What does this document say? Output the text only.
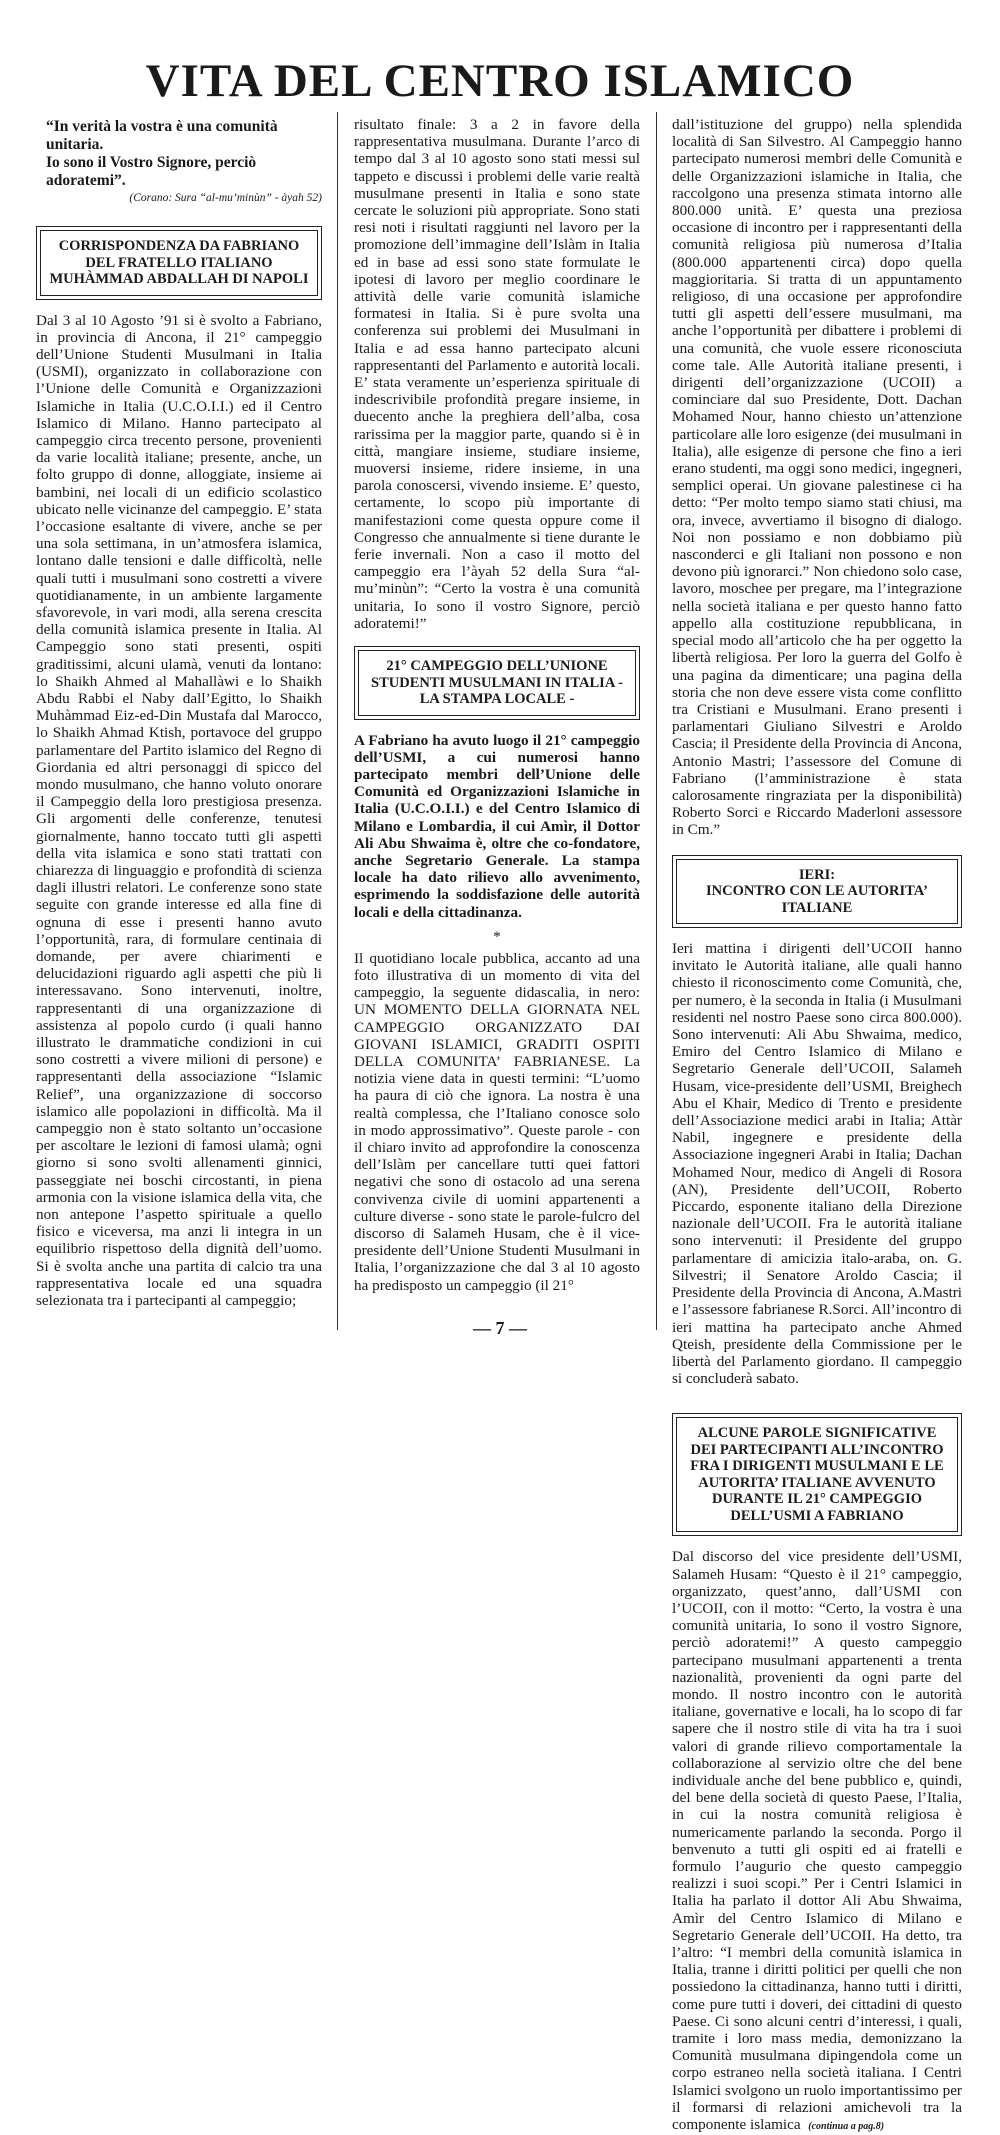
VITA DEL CENTRO ISLAMICO
“In verità la vostra è una comunità unitaria.
Io sono il Vostro Signore, perciò adoratemi”.
(Corano: Sura “al-mu’minùn” - àyah 52)
CORRISPONDENZA DA FABRIANO DEL FRATELLO ITALIANO MUHÀMMAD ABDALLAH DI NAPOLI

Dal 3 al 10 Agosto ’91 si è svolto a Fabriano, in provincia di Ancona, il 21° campeggio dell’Unione Studenti Musulmani in Italia (USMI), organizzato in collaborazione con l’Unione delle Comunità e Organizzazioni Islamiche in Italia (U.C.O.I.I.) ed il Centro Islamico di Milano. Hanno partecipato al campeggio circa trecento persone, provenienti da varie località italiane; presente, anche, un folto gruppo di donne, alloggiate, insieme ai bambini, nei locali di un edificio scolastico ubicato nelle vicinanze del campeggio. E’ stata l’occasione esaltante di vivere, anche se per una sola settimana, in un’atmosfera islamica, lontano dalle tensioni e dalle difficoltà, nelle quali tutti i musulmani sono costretti a vivere quotidianamente, in un ambiente largamente sfavorevole, in vari modi, alla serena crescita della comunità islamica presente in Italia. Al Campeggio sono stati presenti, ospiti graditissimi, alcuni ulamà, venuti da lontano: lo Shaikh Ahmed al Mahallàwi e lo Shaikh Abdu Rabbi el Naby dall’Egitto, lo Shaikh Muhàmmad Eiz-ed-Din Mustafa dal Marocco, lo Shaikh Ahmad Ktish, portavoce del gruppo parlamentare del Partito islamico del Regno di Giordania ed altri personaggi di spicco del mondo musulmano, che hanno voluto onorare il Campeggio della loro prestigiosa presenza. Gli argomenti delle conferenze, tenutesi giornalmente, hanno toccato tutti gli aspetti della vita islamica e sono stati trattati con chiarezza di linguaggio e profondità di scienza dagli illustri relatori. Le conferenze sono state seguite con grande interesse ed alla fine di ognuna di esse i presenti hanno avuto l’opportunità, rara, di formulare centinaia di domande, per avere chiarimenti e delucidazioni riguardo agli aspetti che più li interessavano. Sono intervenuti, inoltre, rappresentanti di una organizzazione di assistenza al popolo curdo (i quali hanno illustrato le drammatiche condizioni in cui sono costretti a vivere milioni di persone) e rappresentanti della associazione “Islamic Relief”, una organizzazione di soccorso islamico alle popolazioni in difficoltà. Ma il campeggio non è stato soltanto un’occasione per ascoltare le lezioni di famosi ulamà; ogni giorno si sono svolti allenamenti ginnici, passeggiate nei boschi circostanti, in piena armonia con la visione islamica della vita, che non antepone l’aspetto spirituale a quello fisico e viceversa, ma anzi li integra in un equilibrio rispettoso della dignità dell’uomo. Si è svolta anche una partita di calcio tra una rappresentativa locale ed una squadra selezionata tra i partecipanti al campeggio;

risultato finale: 3 a 2 in favore della rappresentativa musulmana. Durante l’arco di tempo dal 3 al 10 agosto sono stati messi sul tappeto e discussi i problemi delle varie realtà musulmane presenti in Italia e sono state cercate le soluzioni più appropriate. Sono stati resi noti i risultati raggiunti nel lavoro per la promozione dell’immagine dell’Islàm in Italia ed in base ad essi sono state formulate le ipotesi di lavoro per meglio coordinare le attività delle varie comunità islamiche formatesi in Italia. Si è pure svolta una conferenza sui problemi dei Musulmani in Italia e ad essa hanno partecipato alcuni rappresentanti del Parlamento e autorità locali. E’ stata veramente un’esperienza spirituale di indescrivibile profondità pregare insieme, in duecento anche la preghiera dell’alba, cosa rarissima per la maggior parte, quando si è in città, mangiare insieme, studiare insieme, muoversi insieme, ridere insieme, in una parola conoscersi, vivendo insieme. E’ questo, certamente, lo scopo più importante di manifestazioni come questa oppure come il Congresso che annualmente si tiene durante le ferie invernali. Non a caso il motto del campeggio era l’àyah 52 della Sura “al-mu’minùn”: “Certo la vostra è una comunità unitaria, Io sono il vostro Signore, perciò adoratemi!”

21° CAMPEGGIO DELL’UNIONE STUDENTI MUSULMANI IN ITALIA - LA STAMPA LOCALE -

A Fabriano ha avuto luogo il 21° campeggio dell’USMI, a cui numerosi hanno partecipato membri dell’Unione delle Comunità ed Organizzazioni Islamiche in Italia (U.C.O.I.I.) e del Centro Islamico di Milano e Lombardia, il cui Amìr, il Dottor Ali Abu Shwaima è, oltre che co-fondatore, anche Segretario Generale. La stampa locale ha dato rilievo allo avvenimento, esprimendo la soddisfazione delle autorità locali e della cittadinanza.

*

Il quotidiano locale pubblica, accanto ad una foto illustrativa di un momento di vita del campeggio, la seguente didascalia, in nero: UN MOMENTO DELLA GIORNATA NEL CAMPEGGIO ORGANIZZATO DAI GIOVANI ISLAMICI, GRADITI OSPITI DELLA COMUNITA’ FABRIANESE. La notizia viene data in questi termini: “L’uomo ha paura di ciò che ignora. La nostra è una realtà complessa, che l’Italiano conosce solo in modo approssimativo”. Queste parole - con il chiaro invito ad approfondire la conoscenza dell’Islàm per cancellare tutti quei fattori negativi che sono di ostacolo ad una serena convivenza civile di uomini appartenenti a culture diverse - sono state le parole-fulcro del discorso di Salameh Husam, che è il vice-presidente dell’Unione Studenti Musulmani in Italia, l’organizzazione che dal 3 al 10 agosto ha predisposto un campeggio (il 21°

dall’istituzione del gruppo) nella splendida località di San Silvestro. Al Campeggio hanno partecipato numerosi membri delle Comunità e delle Organizzazioni islamiche in Italia, che raccolgono una presenza stimata intorno alle 800.000 unità. E’ questa una preziosa occasione di incontro per i rappresentanti della comunità religiosa più numerosa d’Italia (800.000 appartenenti circa) dopo quella maggioritaria. Si tratta di un appuntamento religioso, di una occasione per approfondire tutti gli aspetti dell’essere musulmani, ma anche l’opportunità per dibattere i problemi di una comunità, che vuole essere riconosciuta come tale. Alle Autorità italiane presenti, i dirigenti dell’organizzazione (UCOII) a cominciare dal suo Presidente, Dott. Dachan Mohamed Nour, hanno chiesto un’attenzione particolare alle loro esigenze (dei musulmani in Italia), alle esigenze di persone che fino a ieri erano studenti, ma oggi sono medici, ingegneri, semplici operai. Un giovane palestinese ci ha detto: “Per molto tempo siamo stati chiusi, ma ora, invece, avvertiamo il bisogno di dialogo. Noi non possiamo e non dobbiamo più nasconderci e gli Italiani non possono e non devono più ignorarci.” Non chiedono solo case, lavoro, moschee per pregare, ma l’integrazione nella società italiana e per questo hanno fatto appello alla costituzione repubblicana, in special modo all’articolo che ha per oggetto la libertà religiosa. Per loro la guerra del Golfo è una pagina da dimenticare; una pagina della storia che non deve essere vista come conflitto tra Cristiani e Musulmani. Erano presenti i parlamentari Giuliano Silvestri e Aroldo Cascia; il Presidente della Provincia di Ancona, Antonio Mastri; l’assessore del Comune di Fabriano (l’amministrazione è stata calorosamente ringraziata per la disponibilità) Roberto Sorci e Riccardo Maderloni assessore in Cm.”

IERI:
INCONTRO CON LE AUTORITA’ ITALIANE

Ieri mattina i dirigenti dell’UCOII hanno invitato le Autorità italiane, alle quali hanno chiesto il riconoscimento come Comunità, che, per numero, è la seconda in Italia (i Musulmani residenti nel nostro Paese sono circa 800.000). Sono intervenuti: Ali Abu Shwaima, medico, Emiro del Centro Islamico di Milano e Segretario Generale dell’UCOII, Salameh Husam, vice-presidente dell’USMI, Breighech Abu el Khair, Medico di Trento e presidente dell’Associazione medici arabi in Italia; Attàr Nabil, ingegnere e presidente della Associazione ingegneri Arabi in Italia; Dachan Mohamed Nour, medico di Angeli di Rosora (AN), Presidente dell’UCOII, Roberto Piccardo, esponente italiano della Direzione nazionale dell’UCOII. Fra le autorità italiane sono intervenuti: il Presidente del gruppo parlamentare di amicizia italo-araba, on. G. Silvestri; il Senatore Aroldo Cascia; il Presidente della Provincia di Ancona, A.Mastri e l’assessore fabrianese R.Sorci. All’incontro di ieri mattina ha partecipato anche Ahmed Qteish, presidente della Commissione per le libertà del Parlamento giordano. Il campeggio si concluderà sabato.

ALCUNE PAROLE SIGNIFICATIVE DEI PARTECIPANTI ALL’INCONTRO FRA I DIRIGENTI MUSULMANI E LE AUTORITA’ ITALIANE AVVENUTO DURANTE IL 21° CAMPEGGIO DELL’USMI A FABRIANO

Dal discorso del vice presidente dell’USMI, Salameh Husam: “Questo è il 21° campeggio, organizzato, quest’anno, dall’USMI con l’UCOII, con il motto: “Certo, la vostra è una comunità unitaria, Io sono il vostro Signore, perciò adoratemi!” A questo campeggio partecipano musulmani appartenenti a trenta nazionalità, provenienti da ogni parte del mondo. Il nostro incontro con le autorità italiane, governative e locali, ha lo scopo di far sapere che il nostro stile di vita ha tra i suoi valori di grande rilievo comportamentale la collaborazione al servizio oltre che del bene individuale anche del bene pubblico e, quindi, del bene della società di questo Paese, l’Italia, in cui la nostra comunità religiosa è numericamente parlando la seconda. Porgo il benvenuto a tutti gli ospiti ed ai fratelli e formulo l’augurio che questo campeggio realizzi i suoi scopi.” Per i Centri Islamici in Italia ha parlato il dottor Ali Abu Shwaima, Amìr del Centro Islamico di Milano e Segretario Generale dell’UCOII. Ha detto, tra l’altro: “I membri della comunità islamica in Italia, tranne i diritti politici per quelli che non possiedono la cittadinanza, hanno tutti i diritti, come pure tutti i doveri, dei cittadini di questo Paese. Ci sono alcuni centri d’interessi, i quali, tramite i loro mass media, demonizzano la Comunità musulmana dipingendola come un corpo estraneo nella società italiana. I Centri Islamici svolgono un ruolo importantissimo per il formarsi di relazioni amichevoli tra la componente islamica (continua a pag.8)

— 7 —
